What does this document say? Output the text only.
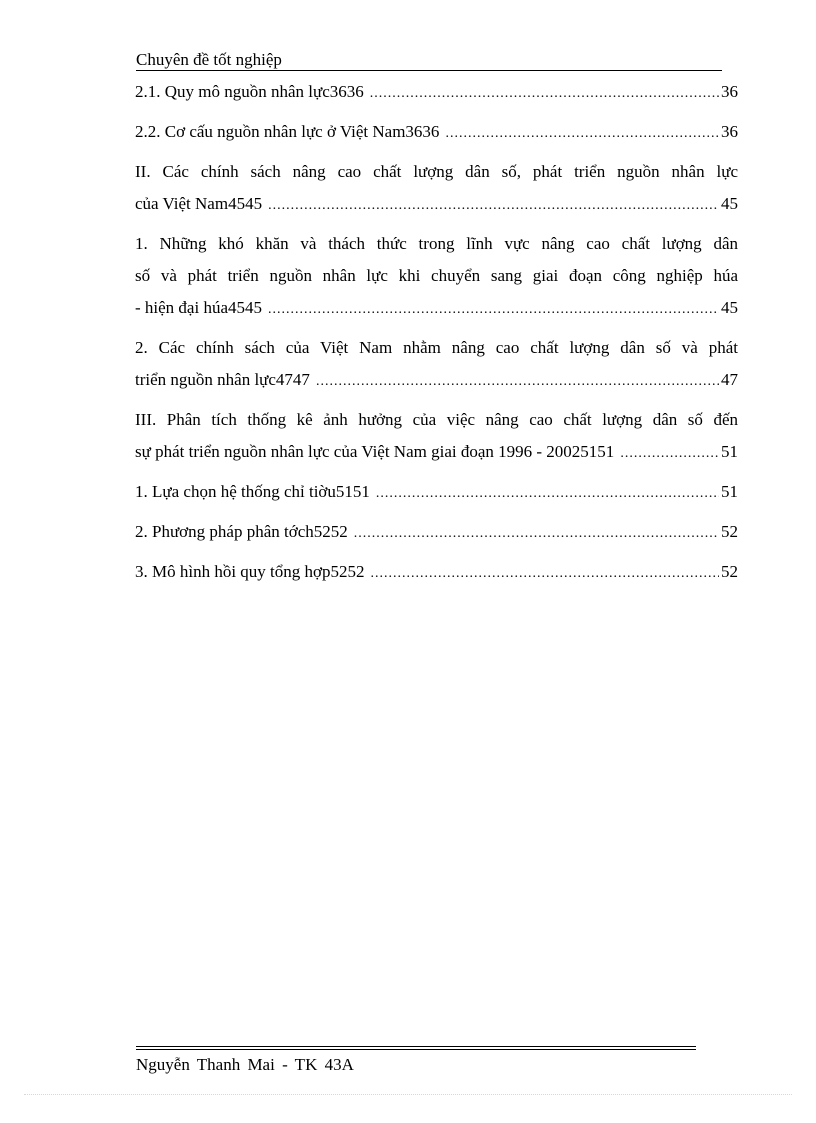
Chuyên đề tốt nghiệp
2.1. Quy mô nguồn nhân lực3636 .....	36
2.2. Cơ cấu nguồn nhân lực ở Việt Nam3636 .....	36
II. Các chính sách nâng cao chất lượng dân số, phát triển nguồn nhân lực
của Việt Nam4545 .....	45
1. Những khó khăn và thách thức trong lĩnh vực nâng cao chất lượng dân
số và phát triển nguồn nhân lực khi chuyển sang giai đoạn công nghiệp húa
- hiện đại húa4545 .....	45
2. Các chính sách của Việt Nam nhằm nâng cao chất lượng dân số và phát
triển nguồn nhân lực4747 .....	47
III. Phân tích thống kê ảnh hưởng của việc nâng cao chất lượng dân số đến
sự phát triển nguồn nhân lực của Việt Nam giai đoạn 1996 - 20025151 .....	51
1. Lựa chọn hệ thống chỉ tiờu5151 .....	51
2. Phương pháp phân tớch5252 .....	52
3. Mô hình hồi quy tổng hợp5252 .....	52
Nguyễn Thanh Mai - TK 43A
